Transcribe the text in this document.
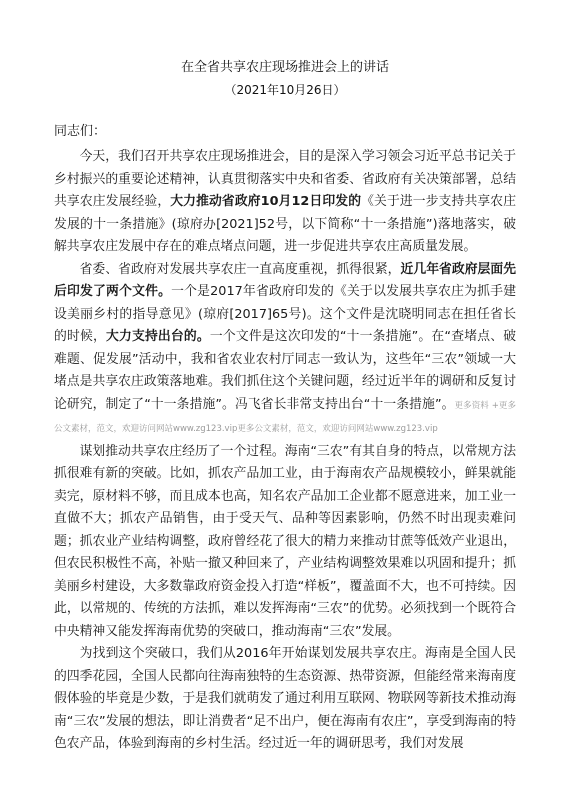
在全省共享农庄现场推进会上的讲话
（2021年10月26日）
同志们：

今天，我们召开共享农庄现场推进会，目的是深入学习领会习近平总书记关于乡村振兴的重要论述精神，认真贯彻落实中央和省委、省政府有关决策部署，总结共享农庄发展经验，大力推动省政府10月12日印发的《关于进一步支持共享农庄发展的十一条措施》(琼府办[2021]52号，以下简称“十一条措施”)落地落实，破解共享农庄发展中存在的难点堵点问题，进一步促进共享农庄高质量发展。

省委、省政府对发展共享农庄一直高度重视，抓得很紧，近几年省政府层面先后印发了两个文件。一个是2017年省政府印发的《关于以发展共享农庄为抓手建设美丽乡村的指导意见》(琼府[2017]65号)。这个文件是沈晓明同志在担任省长的时候，大力支持出台的。一个文件是这次印发的“十一条措施”。在“查堵点、破难题、促发展”活动中，我和省农业农村厅同志一致认为，这些年“三农”领域一大堵点是共享农庄政策落地难。我们抓住这个关键问题，经过近半年的调研和反复讨论研究，制定了“十一条措施”。冯飞省长非常支持出台“十一条措施”。更多资料 +更多公文素材，范文，欢迎访问网站www.zg123.vip更多公文素材，范文，欢迎访问网站www.zg123.vip

谋划推动共享农庄经历了一个过程。海南“三农”有其自身的特点，以常规方法抓很难有新的突破。比如，抓农产品加工业，由于海南农产品规模较小，鲜果就能卖完，原材料不够，而且成本也高，知名农产品加工企业都不愿意进来，加工业一直做不大；抓农产品销售，由于受天气、品种等因素影响，仍然不时出现卖难问题；抓农业产业结构调整，政府曾经花了很大的精力来推动甘蔗等低效产业退出，但农民积极性不高，补贴一撤又种回来了，产业结构调整效果难以巩固和提升；抓美丽乡村建设，大多数靠政府资金投入打造“样板”，覆盖面不大，也不可持续。因此，以常规的、传统的方法抓，难以发挥海南“三农”的优势。必须找到一个既符合中央精神又能发挥海南优势的突破口，推动海南“三农”发展。

为找到这个突破口，我们从2016年开始谋划发展共享农庄。海南是全国人民的四季花园，全国人民都向往海南独特的生态资源、热带资源，但能经常来海南度假体验的毕竟是少数，于是我们就萌发了通过利用互联网、物联网等新技术推动海南“三农”发展的想法，即让消费者“足不出户，便在海南有农庄”，享受到海南的特色农产品，体验到海南的乡村生活。经过近一年的调研思考，我们对发展
